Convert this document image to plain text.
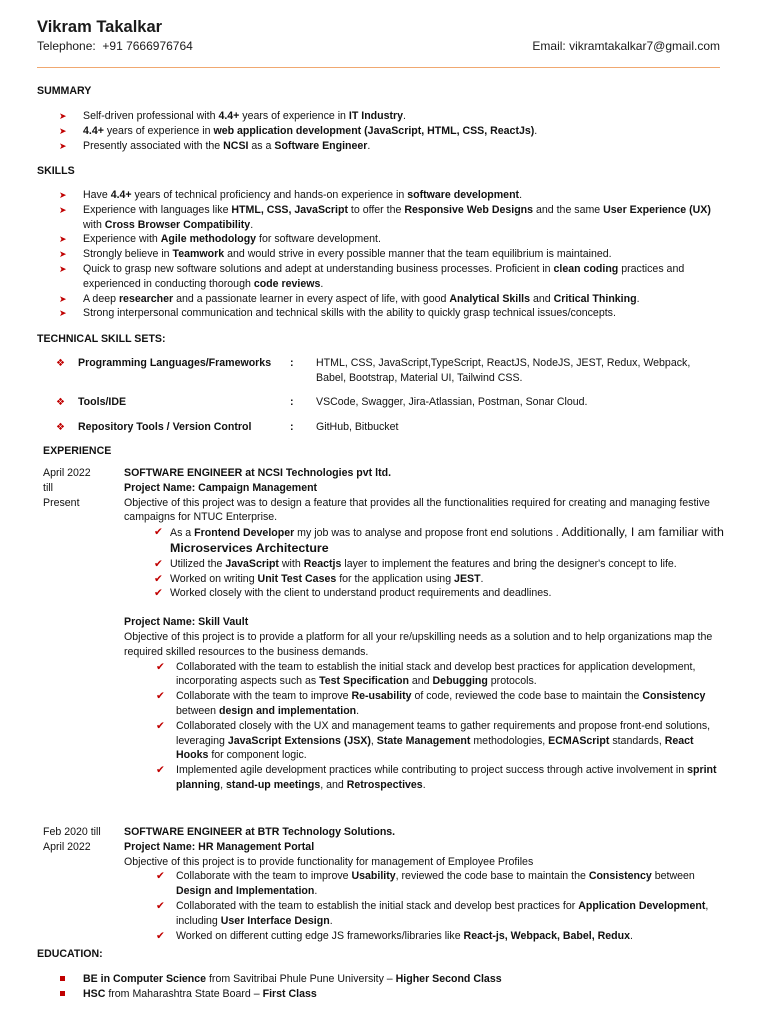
Vikram Takalkar
Telephone: +91 7666976764	Email: vikramtakalkar7@gmail.com
SUMMARY
➤ Self-driven professional with 4.4+ years of experience in IT Industry.
➤ 4.4+ years of experience in web application development (JavaScript, HTML, CSS, ReactJs).
➤ Presently associated with the NCSI as a Software Engineer.
SKILLS
➤ Have 4.4+ years of technical proficiency and hands-on experience in software development.
➤ Experience with languages like HTML, CSS, JavaScript to offer the Responsive Web Designs and the same User Experience (UX) with Cross Browser Compatibility.
➤ Experience with Agile methodology for software development.
➤ Strongly believe in Teamwork and would strive in every possible manner that the team equilibrium is maintained.
➤ Quick to grasp new software solutions and adept at understanding business processes. Proficient in clean coding practices and experienced in conducting thorough code reviews.
➤ A deep researcher and a passionate learner in every aspect of life, with good Analytical Skills and Critical Thinking.
➤ Strong interpersonal communication and technical skills with the ability to quickly grasp technical issues/concepts.
TECHNICAL SKILL SETS:
❖ Programming Languages/Frameworks : HTML, CSS, JavaScript,TypeScript, ReactJS, NodeJS, JEST, Redux, Webpack, Babel, Bootstrap, Material UI, Tailwind CSS.
❖ Tools/IDE	: VSCode, Swagger, Jira-Atlassian, Postman, Sonar Cloud.
❖ Repository Tools / Version Control	: GitHub, Bitbucket
EXPERIENCE
April 2022
till
Present

SOFTWARE ENGINEER at NCSI Technologies pvt ltd.

Project Name: Campaign Management

Objective of this project was to design a feature that provides all the functionalities required for creating and managing festive campaigns for NTUC Enterprise.

✔ As a Frontend Developer my job was to analyse and propose front end solutions . Additionally, I am familiar with Microservices Architecture
✔ Utilized the JavaScript with Reactjs layer to implement the features and bring the designer's concept to life.
✔ Worked on writing Unit Test Cases for the application using JEST.
✔ Worked closely with the client to understand product requirements and deadlines.

Project Name: Skill Vault

Objective of this project is to provide a platform for all your re/upskilling needs as a solution and to help organizations map the required skilled resources to the business demands.

✔ Collaborated with the team to establish the initial stack and develop best practices for application development, incorporating aspects such as Test Specification and Debugging protocols.
✔ Collaborate with the team to improve Re-usability of code, reviewed the code base to maintain the Consistency between design and implementation.
✔ Collaborated closely with the UX and management teams to gather requirements and propose front-end solutions, leveraging JavaScript Extensions (JSX), State Management methodologies, ECMAScript standards, React Hooks for component logic.
✔ Implemented agile development practices while contributing to project success through active involvement in sprint planning, stand-up meetings, and Retrospectives.
Feb 2020 till
April 2022

SOFTWARE ENGINEER at BTR Technology Solutions.

Project Name: HR Management Portal

Objective of this project is to provide functionality for management of Employee Profiles

✔ Collaborate with the team to improve Usability, reviewed the code base to maintain the Consistency between Design and Implementation.
✔ Collaborated with the team to establish the initial stack and develop best practices for Application Development, including User Interface Design.
✔ Worked on different cutting edge JS frameworks/libraries like React-js, Webpack, Babel, Redux.
EDUCATION:
BE in Computer Science from Savitribai Phule Pune University – Higher Second Class
HSC from Maharashtra State Board – First Class
